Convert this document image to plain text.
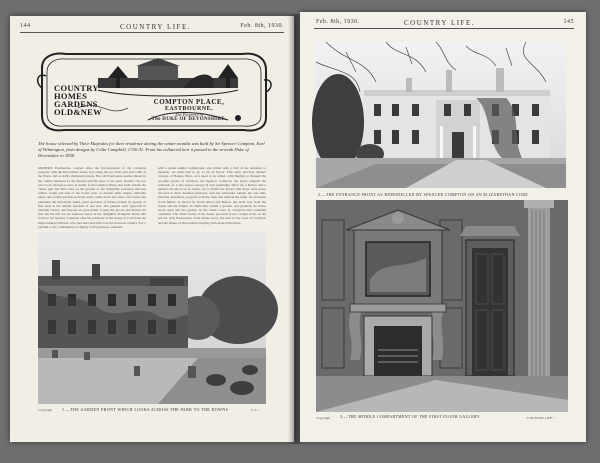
144	COUNTRY LIFE.	Feb. 8th, 1930.
COUNTRY
HOMES
GARDENS
OLD&NEW
COMPTON PLACE,
EASTBOURNE.
The Property of
The DUKE OF DEVONSHIRE.
The house selected by Their Majesties for their residence during the winter months was built by Sir Spencer Compton, Earl of Wilmington, from designs by Colin Campbell, 1726-31. From his collateral heir it passed to the seventh Duke of Devonshire in 1858.
MODERN Eastbourne, created since the incorporation of the Compton property with the Devonshire estate, lies along the sea front east and south of the Place, and as richly sheltered retreats. But old Eastbourne nestles inland in the combe sheltered by the Downs and the trees of the park. Neither city nor new town, though so near, is visible from Compton Place; and from outside the visitor gets but little idea on the ground of the delightful seclusion that lies within. South and east of the house rows of ancient elms, maple, umbrella pines, and walled gardens hold the lawn; while north and west, vast lawns and parkland, the mercifully silent, great stretches of timber broken by groups of fine trees at the simple freedom of one tree. The general style approach in winding curves, and beyond an open plank of park the groves and Downs lie full. On the left we are ushered round, in the delightful triangular lawns laid forth by Sir Spencer Compton after the purchase of the house in 1724 from the impoverished Wilsons, who had held and built it in the previous century. For a parallel to the combination of dignity with greatness, attended
with a petite animal architecture, and withal with a half of the attention to mention, we must turn to go as far as Dover. This early previous distinct concept of Bourne Place, as it used to be called, with Bentley to through the wooden aprons of windows, the Spencer Compton, the pretty adopted the principle of a late house George II and seemingly fitted up a King's and a Queen's Room to be in where, are to finish the luxury. But these were never devoted to their destined purposes, and the adventure remain the one link. Patricks, elsewhere, progress with the chair and without the main. Its evolution in its fullest, as shown by North Arbor and Betton, the main rose from the house and the family. In 1849 they rebuilt a garden, and grounds; he house stood open and the garden, in the South Court in courtyard thus extended ornament. The Tudor forms of the house proceeds from a longer form, as the record, with Eastbourne; from before us by the turn in the Lees of Compton and the Dukes of Devonshire bringing with them Eastbourne.
Copyright 1.—THE GARDEN FRONT WHICH LOOKS ACROSS THE PARK TO THE DOWNS	"C.L."
Feb. 8th, 1930.	COUNTRY LIFE.	145
2.—THE ENTRANCE FRONT AS REMODELLED BY SPENCER COMPTON ON AN ELIZABETHAN CORE
Copyright	3.—THE MIDDLE COMPARTMENT OF THE FIRST FLOOR GALLERY	"COUNTRY LIFE."
